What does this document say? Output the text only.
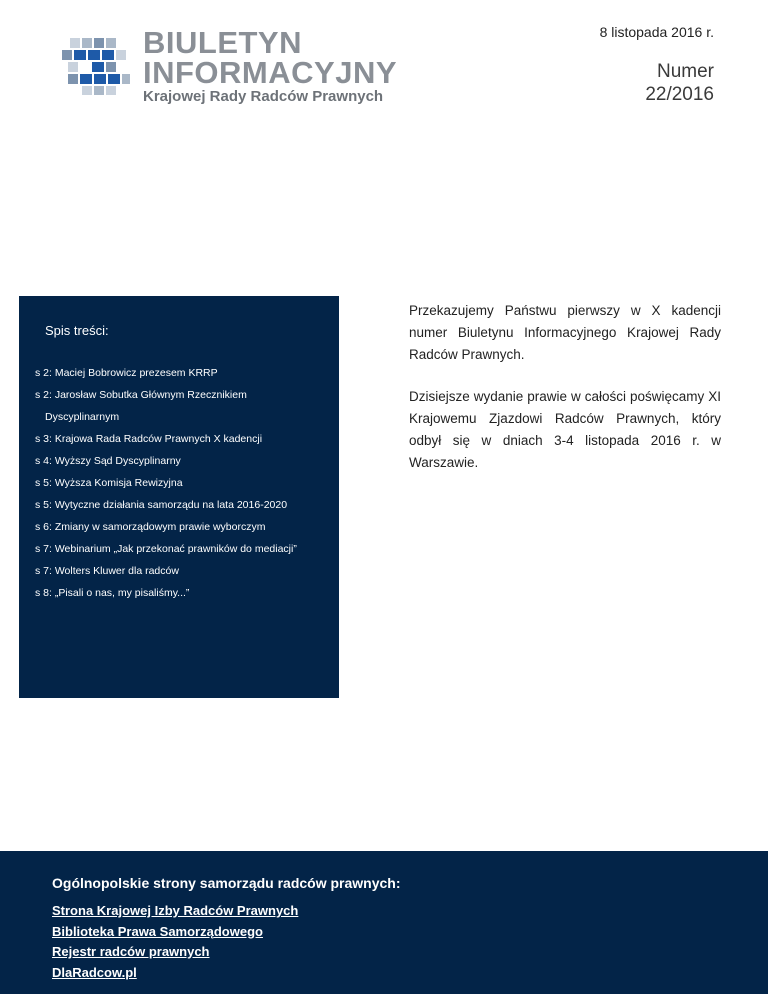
BIULETYN
INFORMACYJNY
Krajowej Rady Radców Prawnych
8 listopada 2016 r.
Numer
22/2016
Spis treści:
s 2: Maciej Bobrowicz prezesem KRRP
s 2: Jarosław Sobutka Głównym Rzecznikiem
Dyscyplinarnym
s 3: Krajowa Rada Radców Prawnych X kadencji
s 4: Wyższy Sąd Dyscyplinarny
s 5: Wyższa Komisja Rewizyjna
s 5: Wytyczne działania samorządu na lata 2016-2020
s 6: Zmiany w samorządowym prawie wyborczym
s 7: Webinarium „Jak przekonać prawników do mediacji”
s 7: Wolters Kluwer dla radców
s 8: „Pisali o nas, my pisaliśmy...”

Przekazujemy Państwu pierwszy w X kadencji numer Biuletynu Informacyjnego Krajowej Rady Radców Prawnych.

Dzisiejsze wydanie prawie w całości poświęcamy XI Krajowemu Zjazdowi Radców Prawnych, który odbył się w dniach 3-4 listopada 2016 r. w Warszawie.

Ogólnopolskie strony samorządu radców prawnych:
Strona Krajowej Izby Radców Prawnych
Biblioteka Prawa Samorządowego
Rejestr radców prawnych
DlaRadcow.pl
